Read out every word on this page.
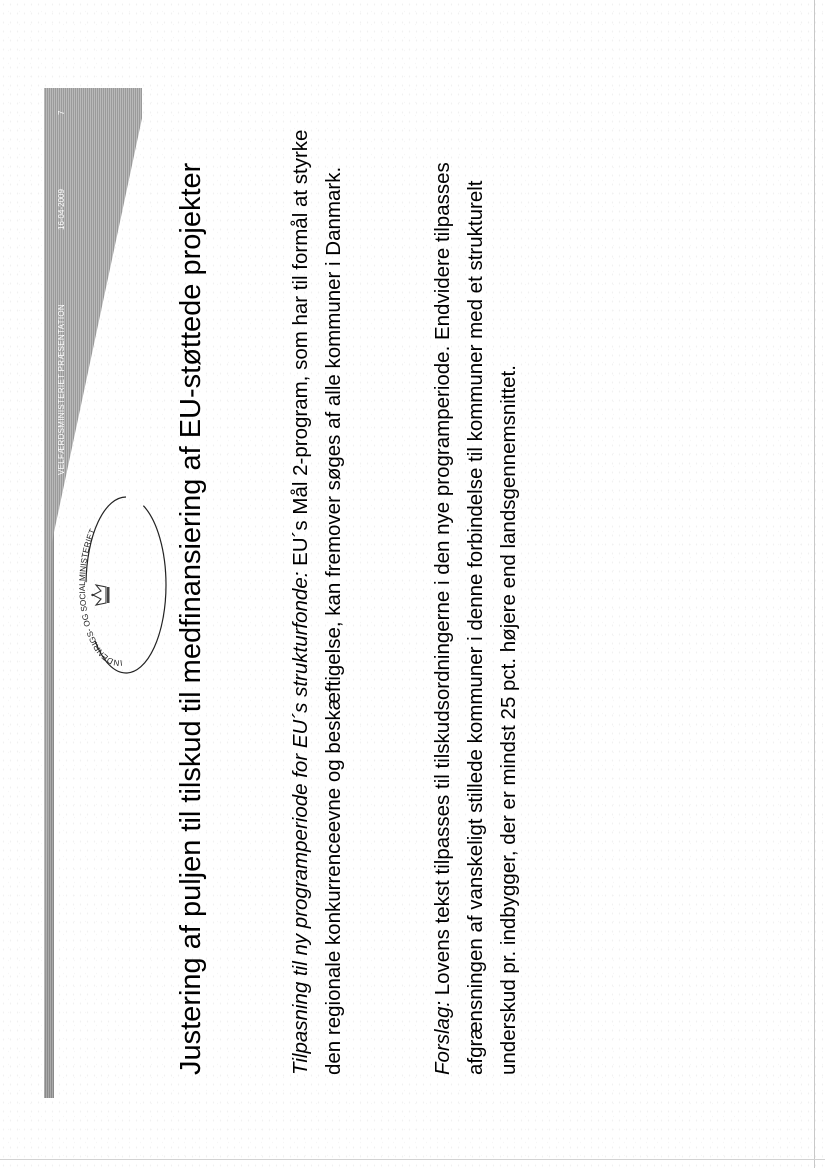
VELFÆRDSMINISTERIET PRÆSENTATION
16-04-2009
7
INDENRIGS- OG SOCIALMINISTERIET	Justering af puljen til tilskud til medfinansiering af EU-støttede projekter	Tilpasning til ny programperiode for EU´s strukturfonde: EU´s Mål 2-program, som har til formål at styrke den regionale konkurrenceevne og beskæftigelse, kan fremover søges af alle kommuner i Danmark.	Forslag: Lovens tekst tilpasses til tilskudsordningerne i den nye programperiode. Endvidere tilpasses afgrænsningen af vanskeligt stillede kommuner i denne forbindelse til kommuner med et strukturelt underskud pr. indbygger, der er mindst 25 pct. højere end landsgennemsnittet.
